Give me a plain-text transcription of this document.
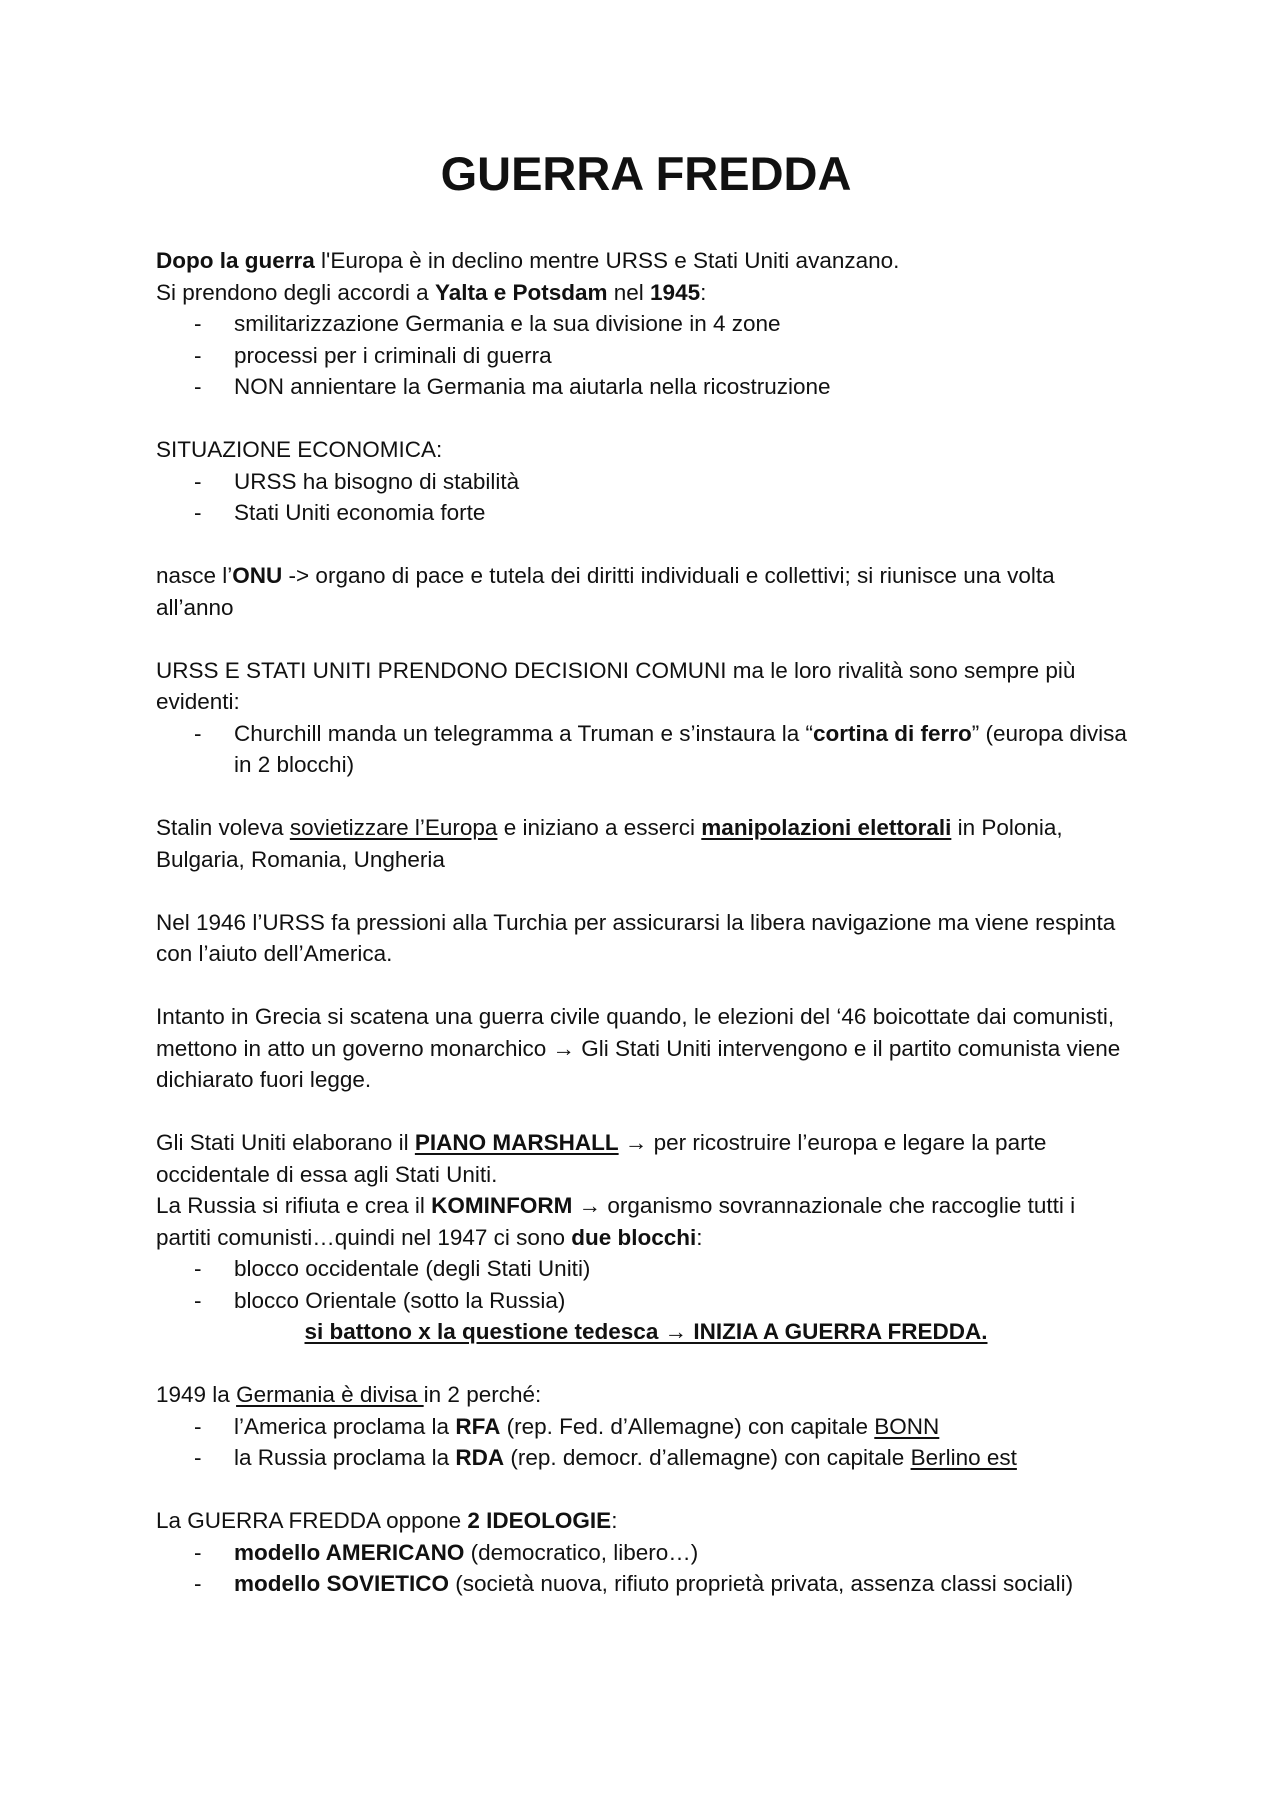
GUERRA FREDDA
Dopo la guerra l'Europa è in declino mentre URSS e Stati Uniti avanzano.
Si prendono degli accordi a Yalta e Potsdam nel 1945:
- smilitarizzazione Germania e la sua divisione in 4 zone
- processi per i criminali di guerra
- NON annientare la Germania ma aiutarla nella ricostruzione
SITUAZIONE ECONOMICA:
- URSS ha bisogno di stabilità
- Stati Uniti economia forte
nasce l’ONU -> organo di pace e tutela dei diritti individuali e collettivi; si riunisce una volta all’anno
URSS E STATI UNITI PRENDONO DECISIONI COMUNI ma le loro rivalità sono sempre più evidenti:
- Churchill manda un telegramma a Truman e s’instaura la “cortina di ferro” (europa divisa in 2 blocchi)
Stalin voleva sovietizzare l’Europa e iniziano a esserci manipolazioni elettorali in Polonia, Bulgaria, Romania, Ungheria
Nel 1946 l’URSS fa pressioni alla Turchia per assicurarsi la libera navigazione ma viene respinta con l’aiuto dell’America.
Intanto in Grecia si scatena una guerra civile quando, le elezioni del ‘46 boicottate dai comunisti, mettono in atto un governo monarchico → Gli Stati Uniti intervengono e il partito comunista viene dichiarato fuori legge.
Gli Stati Uniti elaborano il PIANO MARSHALL → per ricostruire l’europa e legare la parte occidentale di essa agli Stati Uniti.
La Russia si rifiuta e crea il KOMINFORM → organismo sovrannazionale che raccoglie tutti i partiti comunisti…quindi nel 1947 ci sono due blocchi:
- blocco occidentale (degli Stati Uniti)
- blocco Orientale (sotto la Russia)
si battono x la questione tedesca → INIZIA A GUERRA FREDDA.
1949 la Germania è divisa in 2 perché:
- l’America proclama la RFA (rep. Fed. d’Allemagne) con capitale BONN
- la Russia proclama la RDA (rep. democr. d’allemagne) con capitale Berlino est
La GUERRA FREDDA oppone 2 IDEOLOGIE:
- modello AMERICANO (democratico, libero…)
- modello SOVIETICO (società nuova, rifiuto proprietà privata, assenza classi sociali)
